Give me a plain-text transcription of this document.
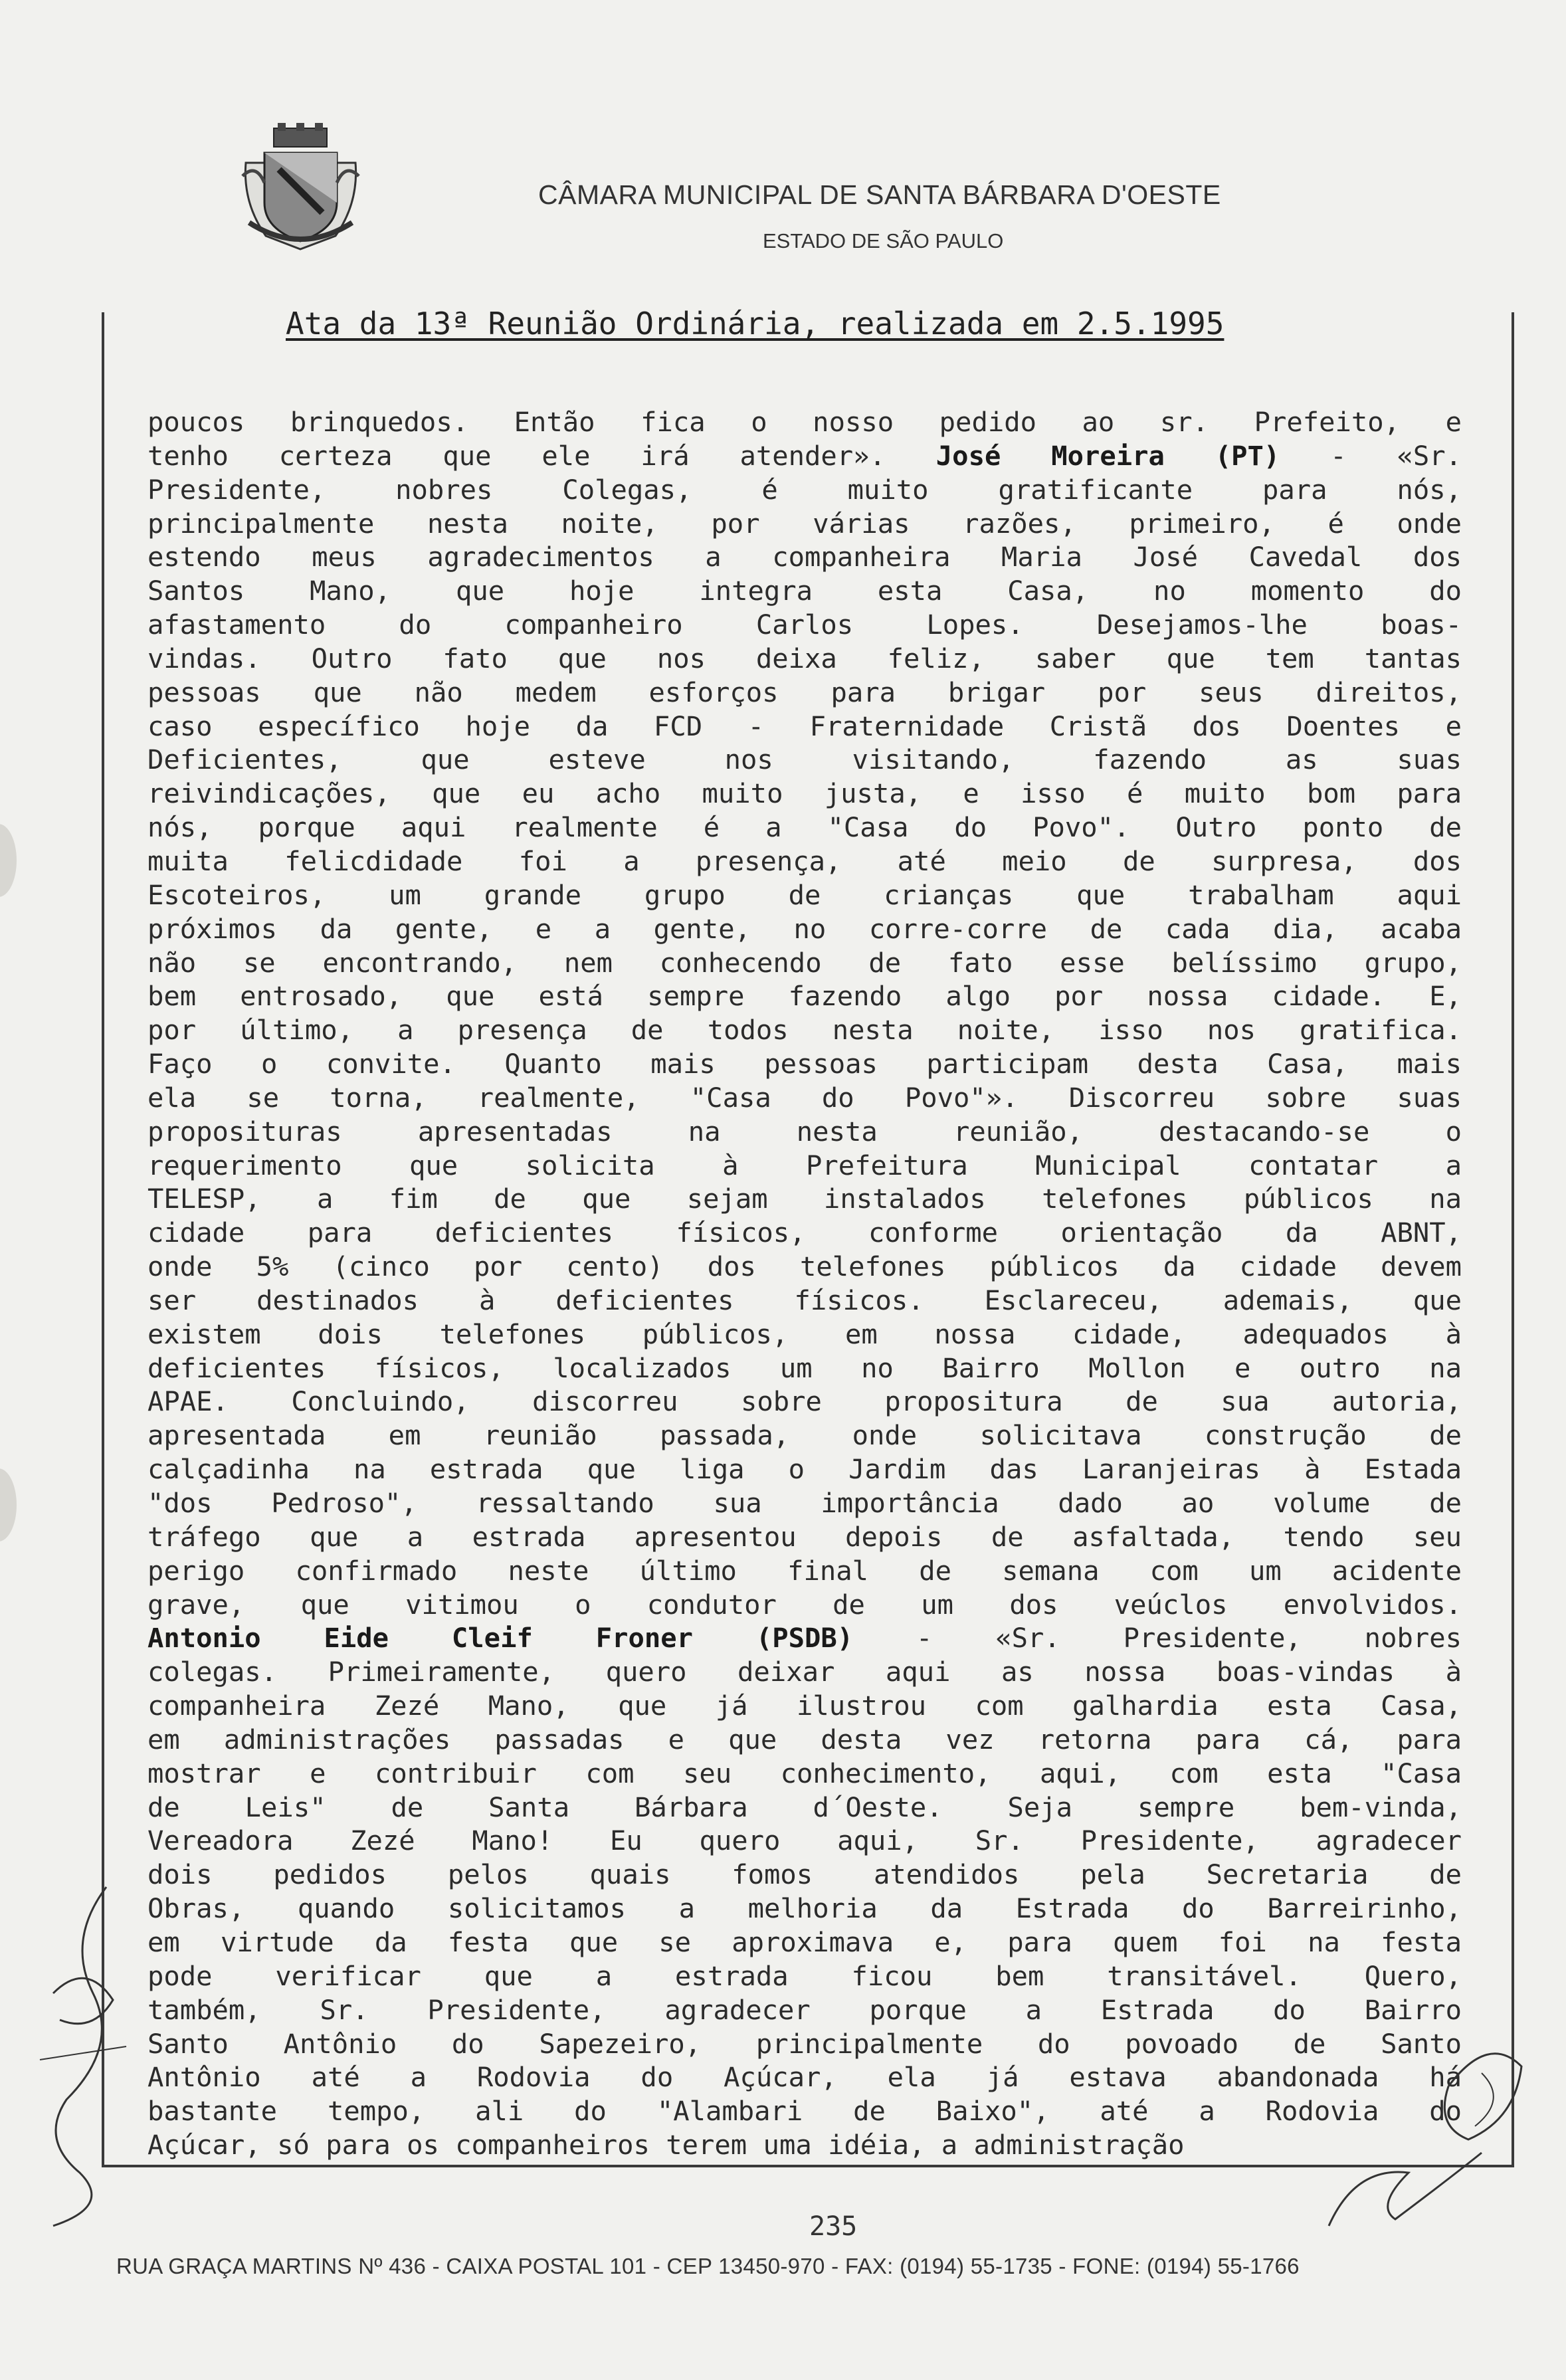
CÂMARA MUNICIPAL DE SANTA BÁRBARA D'OESTE
ESTADO DE SÃO PAULO
Ata da 13ª Reunião Ordinária, realizada em 2.5.1995
poucos brinquedos. Então fica o nosso pedido ao sr. Prefeito, e
tenho certeza que ele irá atender». José Moreira (PT) - «Sr.
Presidente, nobres Colegas, é muito gratificante para nós,
principalmente nesta noite, por várias razões, primeiro, é onde
estendo meus agradecimentos a companheira Maria José Cavedal dos
Santos Mano, que hoje integra esta Casa, no momento do
afastamento do companheiro Carlos Lopes. Desejamos-lhe boas-
vindas. Outro fato que nos deixa feliz, saber que tem tantas
pessoas que não medem esforços para brigar por seus direitos,
caso específico hoje da FCD - Fraternidade Cristã dos Doentes e
Deficientes, que esteve nos visitando, fazendo as suas
reivindicações, que eu acho muito justa, e isso é muito bom para
nós, porque aqui realmente é a "Casa do Povo". Outro ponto de
muita felicdidade foi a presença, até meio de surpresa, dos
Escoteiros, um grande grupo de crianças que trabalham aqui
próximos da gente, e a gente, no corre-corre de cada dia, acaba
não se encontrando, nem conhecendo de fato esse belíssimo grupo,
bem entrosado, que está sempre fazendo algo por nossa cidade. E,
por último, a presença de todos nesta noite, isso nos gratifica.
Faço o convite. Quanto mais pessoas participam desta Casa, mais
ela se torna, realmente, "Casa do Povo"». Discorreu sobre suas
proposituras apresentadas na nesta reunião, destacando-se o
requerimento que solicita à Prefeitura Municipal contatar a
TELESP, a fim de que sejam instalados telefones públicos na
cidade para deficientes físicos, conforme orientação da ABNT,
onde 5% (cinco por cento) dos telefones públicos da cidade devem
ser destinados à deficientes físicos. Esclareceu, ademais, que
existem dois telefones públicos, em nossa cidade, adequados à
deficientes físicos, localizados um no Bairro Mollon e outro na
APAE. Concluindo, discorreu sobre propositura de sua autoria,
apresentada em reunião passada, onde solicitava construção de
calçadinha na estrada que liga o Jardim das Laranjeiras à Estada
"dos Pedroso", ressaltando sua importância dado ao volume de
tráfego que a estrada apresentou depois de asfaltada, tendo seu
perigo confirmado neste último final de semana com um acidente
grave, que vitimou o condutor de um dos veúclos envolvidos.
Antonio Eide Cleif Froner (PSDB) - «Sr. Presidente, nobres
colegas. Primeiramente, quero deixar aqui as nossa boas-vindas à
companheira Zezé Mano, que já ilustrou com galhardia esta Casa,
em administrações passadas e que desta vez retorna para cá, para
mostrar e contribuir com seu conhecimento, aqui, com esta "Casa
de Leis" de Santa Bárbara d´Oeste. Seja sempre bem-vinda,
Vereadora Zezé Mano! Eu quero aqui, Sr. Presidente, agradecer
dois pedidos pelos quais fomos atendidos pela Secretaria de
Obras, quando solicitamos a melhoria da Estrada do Barreirinho,
em virtude da festa que se aproximava e, para quem foi na festa
pode verificar que a estrada ficou bem transitável. Quero,
também, Sr. Presidente, agradecer porque a Estrada do Bairro
Santo Antônio do Sapezeiro, principalmente do povoado de Santo
Antônio até a Rodovia do Açúcar, ela já estava abandonada há
bastante tempo, ali do "Alambari de Baixo", até a Rodovia do
Açúcar, só para os companheiros terem uma idéia, a administração
235
RUA GRAÇA MARTINS Nº 436 - CAIXA POSTAL 101 - CEP 13450-970 - FAX: (0194) 55-1735 - FONE: (0194) 55-1766
